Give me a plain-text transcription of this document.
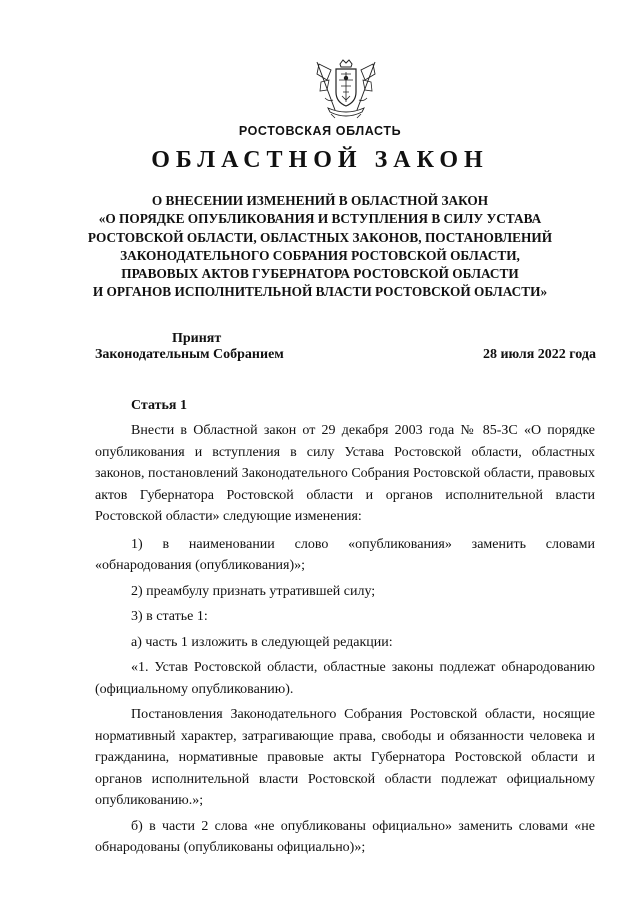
РОСТОВСКАЯ ОБЛАСТЬ
ОБЛАСТНОЙ ЗАКОН
О ВНЕСЕНИИ ИЗМЕНЕНИЙ В ОБЛАСТНОЙ ЗАКОН
«О ПОРЯДКЕ ОПУБЛИКОВАНИЯ И ВСТУПЛЕНИЯ В СИЛУ УСТАВА
РОСТОВСКОЙ ОБЛАСТИ, ОБЛАСТНЫХ ЗАКОНОВ, ПОСТАНОВЛЕНИЙ
ЗАКОНОДАТЕЛЬНОГО СОБРАНИЯ РОСТОВСКОЙ ОБЛАСТИ,
ПРАВОВЫХ АКТОВ ГУБЕРНАТОРА РОСТОВСКОЙ ОБЛАСТИ
И ОРГАНОВ ИСПОЛНИТЕЛЬНОЙ ВЛАСТИ РОСТОВСКОЙ ОБЛАСТИ»
Принят
Законодательным Собранием	28 июля 2022 года
Статья 1

Внести в Областной закон от 29 декабря 2003 года № 85-ЗС «О порядке опубликования и вступления в силу Устава Ростовской области, областных законов, постановлений Законодательного Собрания Ростовской области, правовых актов Губернатора Ростовской области и органов исполнительной власти Ростовской области» следующие изменения:

1) в наименовании слово «опубликования» заменить словами «обнародования (опубликования)»;

2) преамбулу признать утратившей силу;

3) в статье 1:

а) часть 1 изложить в следующей редакции:

«1. Устав Ростовской области, областные законы подлежат обнародованию (официальному опубликованию).

Постановления Законодательного Собрания Ростовской области, носящие нормативный характер, затрагивающие права, свободы и обязанности человека и гражданина, нормативные правовые акты Губернатора Ростовской области и органов исполнительной власти Ростовской области подлежат официальному опубликованию.»;

б) в части 2 слова «не опубликованы официально» заменить словами «не обнародованы (опубликованы официально)»;
